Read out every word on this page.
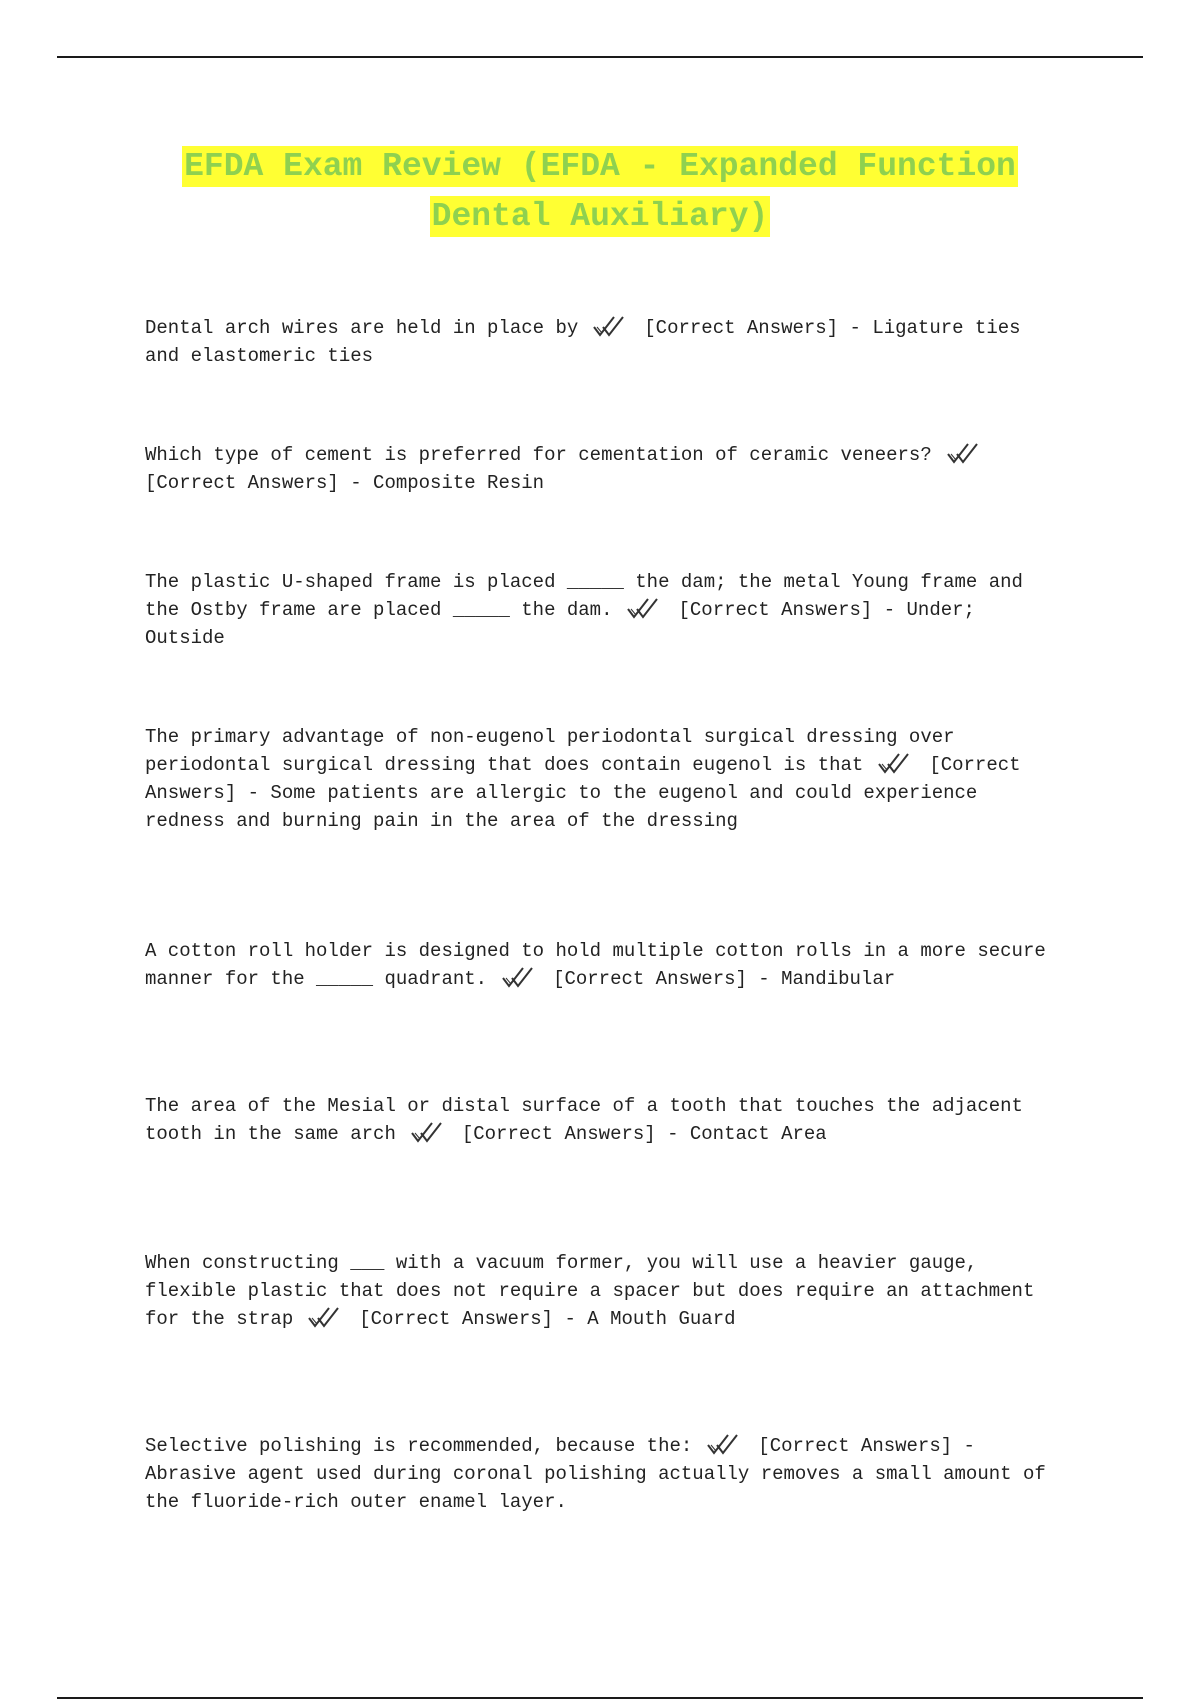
EFDA Exam Review (EFDA - Expanded Function Dental Auxiliary)
Dental arch wires are held in place by	[Correct Answers] - Ligature ties and elastomeric ties
Which type of cement is preferred for cementation of ceramic veneers?
[Correct Answers] - Composite Resin
The plastic U-shaped frame is placed _____ the dam; the metal Young frame and the Ostby frame are placed _____ the dam.	[Correct Answers] - Under; Outside
The primary advantage of non-eugenol periodontal surgical dressing over periodontal surgical dressing that does contain eugenol is that	[Correct Answers] - Some patients are allergic to the eugenol and could experience redness and burning pain in the area of the dressing
A cotton roll holder is designed to hold multiple cotton rolls in a more secure manner for the _____ quadrant.	[Correct Answers] - Mandibular
The area of the Mesial or distal surface of a tooth that touches the adjacent tooth in the same arch	[Correct Answers] - Contact Area
When constructing ___ with a vacuum former, you will use a heavier gauge, flexible plastic that does not require a spacer but does require an attachment for the strap	[Correct Answers] - A Mouth Guard
Selective polishing is recommended, because the:	[Correct Answers] - Abrasive agent used during coronal polishing actually removes a small amount of the fluoride-rich outer enamel layer.
